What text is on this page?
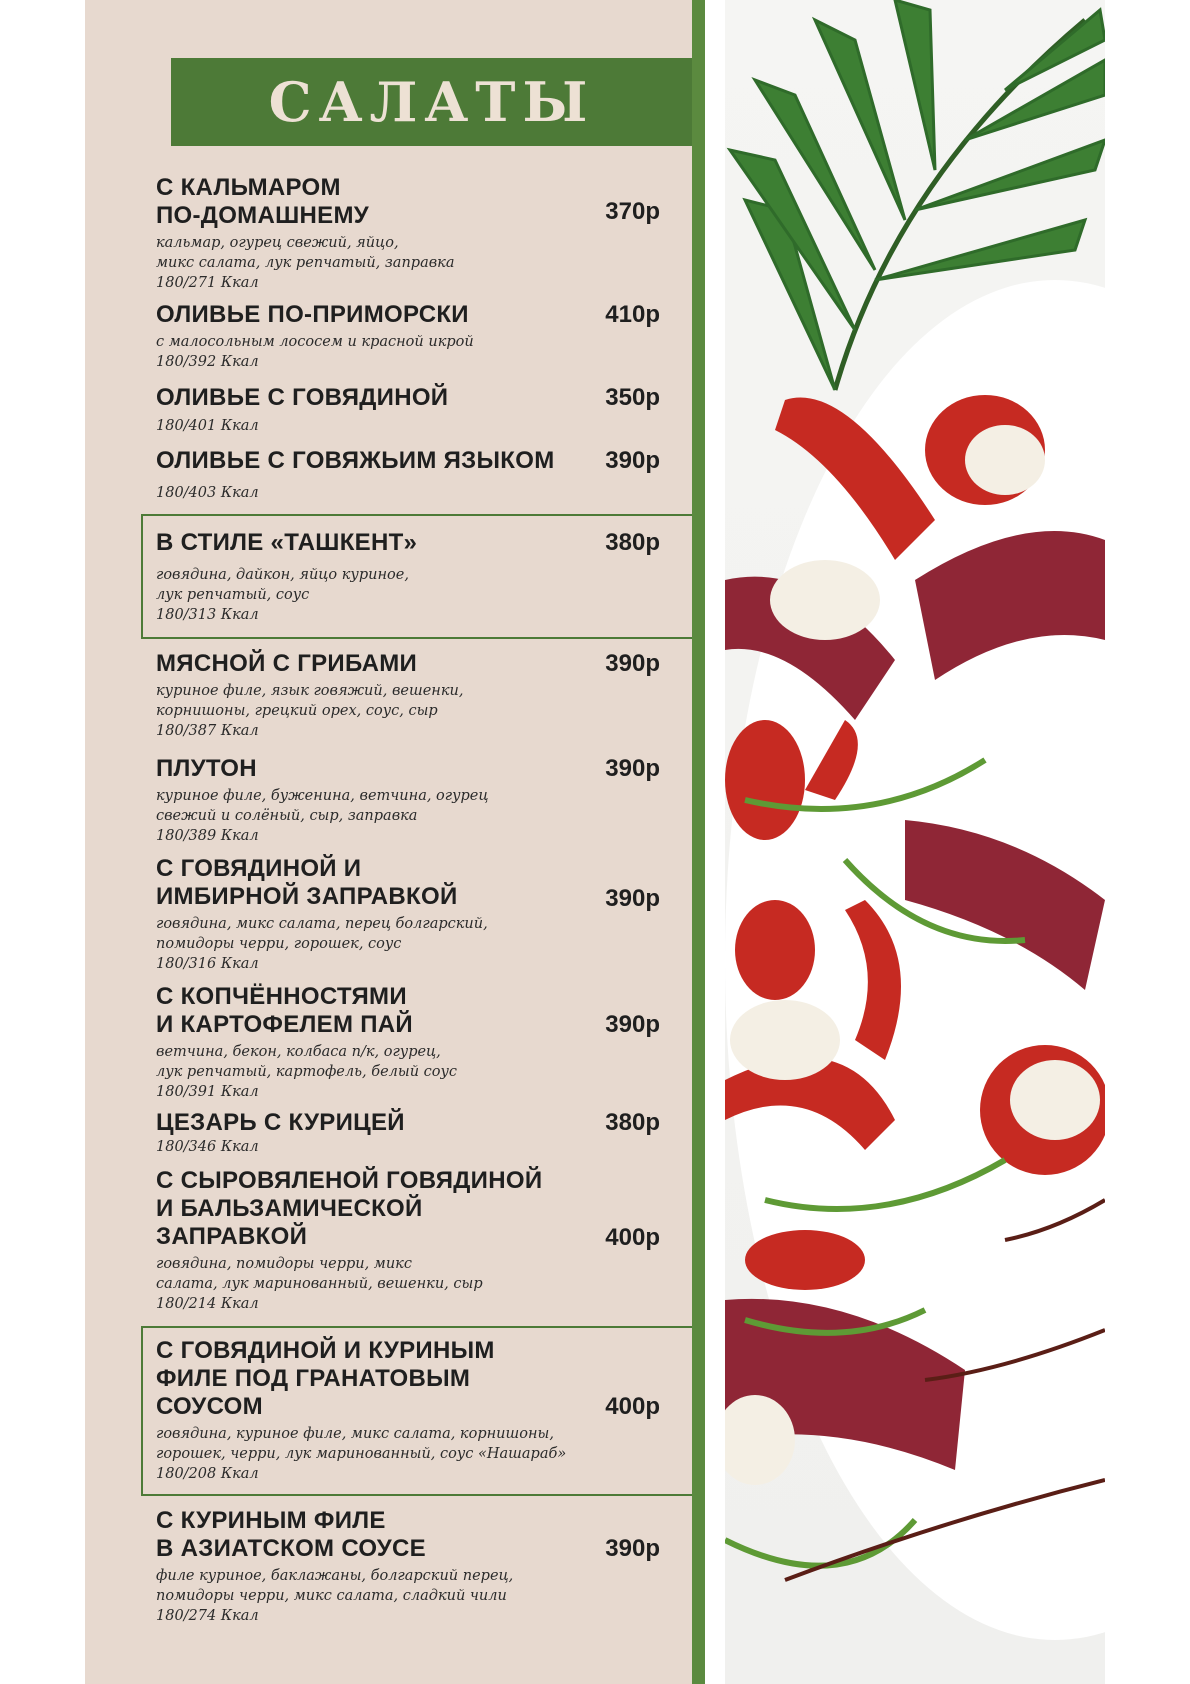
САЛАТЫ
С КАЛЬМАРОМ
ПО-ДОМАШНЕМУ	370р
кальмар, огурец свежий, яйцо,
микс салата, лук репчатый, заправка
180/271 Ккал
ОЛИВЬЕ ПО-ПРИМОРСКИ	410р
с малосольным лососем и красной икрой
180/392 Ккал
ОЛИВЬЕ С ГОВЯДИНОЙ	350р
180/401 Ккал
ОЛИВЬЕ С ГОВЯЖЬИМ ЯЗЫКОМ	390р
180/403 Ккал
В СТИЛЕ «ТАШКЕНТ»	380р
говядина, дайкон, яйцо куриное,
лук репчатый, соус
180/313 Ккал
МЯСНОЙ С ГРИБАМИ	390р
куриное филе, язык говяжий, вешенки,
корнишоны, грецкий орех, соус, сыр
180/387 Ккал
ПЛУТОН	390р
куриное филе, буженина, ветчина, огурец
свежий и солёный, сыр, заправка
180/389 Ккал
С ГОВЯДИНОЙ И
ИМБИРНОЙ ЗАПРАВКОЙ	390р
говядина, микс салата, перец болгарский,
помидоры черри, горошек, соус
180/316 Ккал
С КОПЧЁННОСТЯМИ
И КАРТОФЕЛЕМ ПАЙ	390р
ветчина, бекон, колбаса п/к, огурец,
лук репчатый, картофель, белый соус
180/391 Ккал
ЦЕЗАРЬ С КУРИЦЕЙ	380р
180/346 Ккал
С СЫРОВЯЛЕНОЙ ГОВЯДИНОЙ
И БАЛЬЗАМИЧЕСКОЙ
ЗАПРАВКОЙ	400р
говядина, помидоры черри, микс
салата, лук маринованный, вешенки, сыр
180/214 Ккал
С ГОВЯДИНОЙ И КУРИНЫМ
ФИЛЕ ПОД ГРАНАТОВЫМ
СОУСОМ	400р
говядина, куриное филе, микс салата, корнишоны,
горошек, черри, лук маринованный, соус «Нашараб»
180/208 Ккал
С КУРИНЫМ ФИЛЕ
В АЗИАТСКОМ СОУСЕ	390р
филе куриное, баклажаны, болгарский перец,
помидоры черри, микс салата, сладкий чили
180/274 Ккал
